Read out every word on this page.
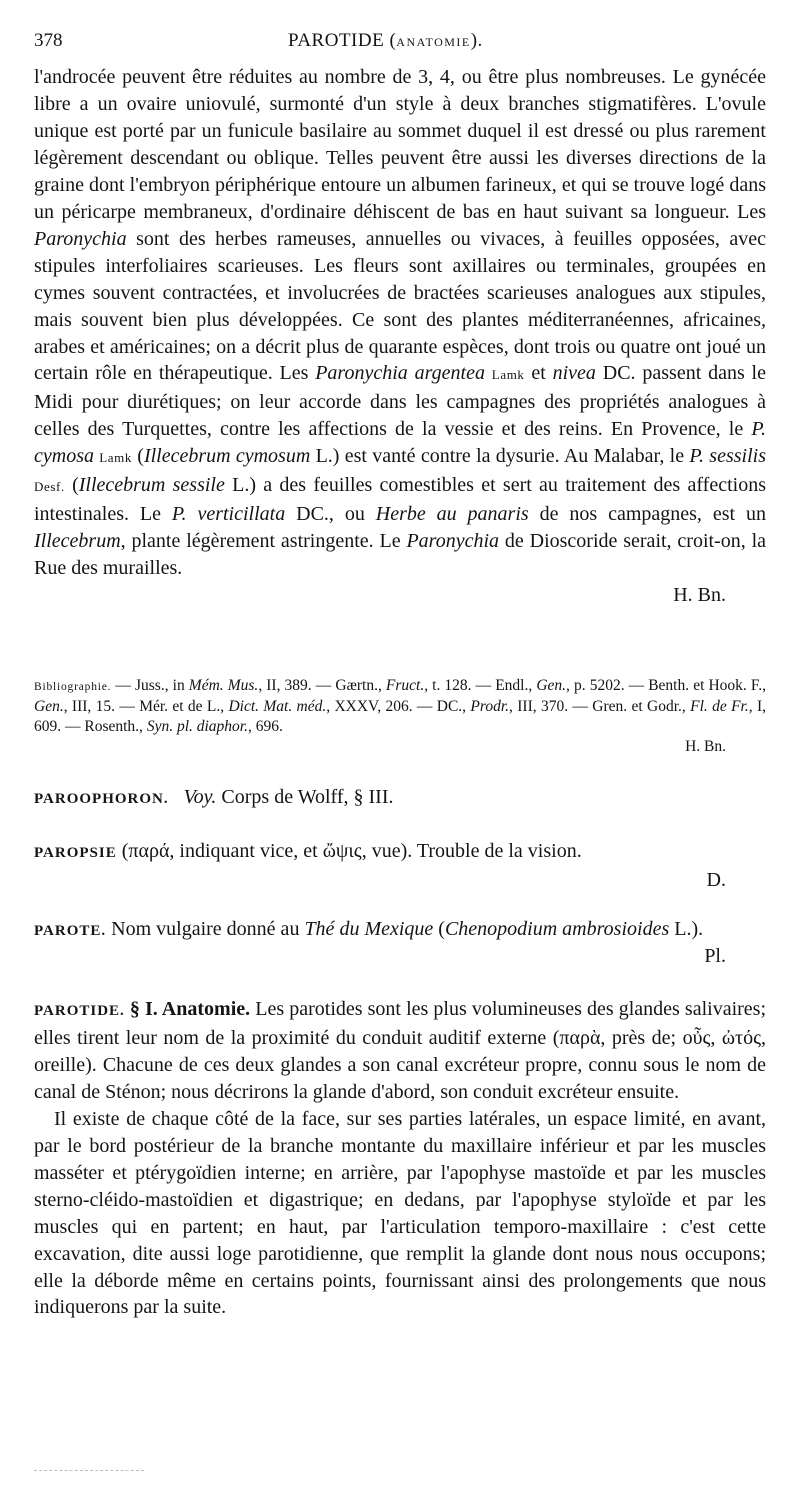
378	PAROTIDE (ANATOMIE).

l'androcée peuvent être réduites au nombre de 3, 4, ou être plus nombreuses. Le gynécée libre a un ovaire uniovulé, surmonté d'un style à deux branches stigmatifères. L'ovule unique est porté par un funicule basilaire au sommet duquel il est dressé ou plus rarement légèrement descendant ou oblique. Telles peuvent être aussi les diverses directions de la graine dont l'embryon périphérique entoure un albumen farineux, et qui se trouve logé dans un péricarpe membraneux, d'ordinaire déhiscent de bas en haut suivant sa longueur. Les Paronychia sont des herbes rameuses, annuelles ou vivaces, à feuilles opposées, avec stipules interfoliaires scarieuses. Les fleurs sont axillaires ou terminales, groupées en cymes souvent contractées, et involucrées de bractées scarieuses analogues aux stipules, mais souvent bien plus développées. Ce sont des plantes méditerranéennes, africaines, arabes et américaines; on a décrit plus de quarante espèces, dont trois ou quatre ont joué un certain rôle en thérapeutique. Les Paronychia argentea Lamk et nivea DC. passent dans le Midi pour diurétiques; on leur accorde dans les campagnes des propriétés analogues à celles des Turquettes, contre les affections de la vessie et des reins. En Provence, le P. cymosa Lamk (Illecebrum cymosum L.) est vanté contre la dysurie. Au Malabar, le P. sessilis Desf. (Illecebrum sessile L.) a des feuilles comestibles et sert au traitement des affections intestinales. Le P. verticillata DC., ou Herbe au panaris de nos campagnes, est un Illecebrum, plante légèrement astringente. Le Paronychia de Dioscoride serait, croit-on, la Rue des murailles.

H. Bn.

Bibliographie. — Juss., in Mém. Mus., II, 389. — Gærtn., Fruct., t. 128. — Endl., Gen., p. 5202. — Benth. et Hook. F., Gen., III, 15. — Mér. et de L., Dict. Mat. méd., XXXV, 206. — DC., Prodr., III, 370. — Gren. et Godr., Fl. de Fr., I, 609. — Rosenth., Syn. pl. diaphor., 696.

H. Bn.

PAROOPHORON. Voy. Corps de Wolff, § III.

PAROPSIE (παρά, indiquant vice, et ὤψις, vue). Trouble de la vision.

D.

PAROTE. Nom vulgaire donné au Thé du Mexique (Chenopodium ambrosioides L.).
Pl.

PAROTIDE. § I. Anatomie. Les parotides sont les plus volumineuses des glandes salivaires; elles tirent leur nom de la proximité du conduit auditif externe (παρὰ, près de; οὖς, ὠτός, oreille). Chacune de ces deux glandes a son canal excréteur propre, connu sous le nom de canal de Sténon; nous décrirons la glande d'abord, son conduit excréteur ensuite.

Il existe de chaque côté de la face, sur ses parties latérales, un espace limité, en avant, par le bord postérieur de la branche montante du maxillaire inférieur et par les muscles masséter et ptérygoïdien interne; en arrière, par l'apophyse mastoïde et par les muscles sterno-cléido-mastoïdien et digastrique; en dedans, par l'apophyse styloïde et par les muscles qui en partent; en haut, par l'articulation temporo-maxillaire : c'est cette excavation, dite aussi loge parotidienne, que remplit la glande dont nous nous occupons; elle la déborde même en certains points, fournissant ainsi des prolongements que nous indiquerons par la suite.
